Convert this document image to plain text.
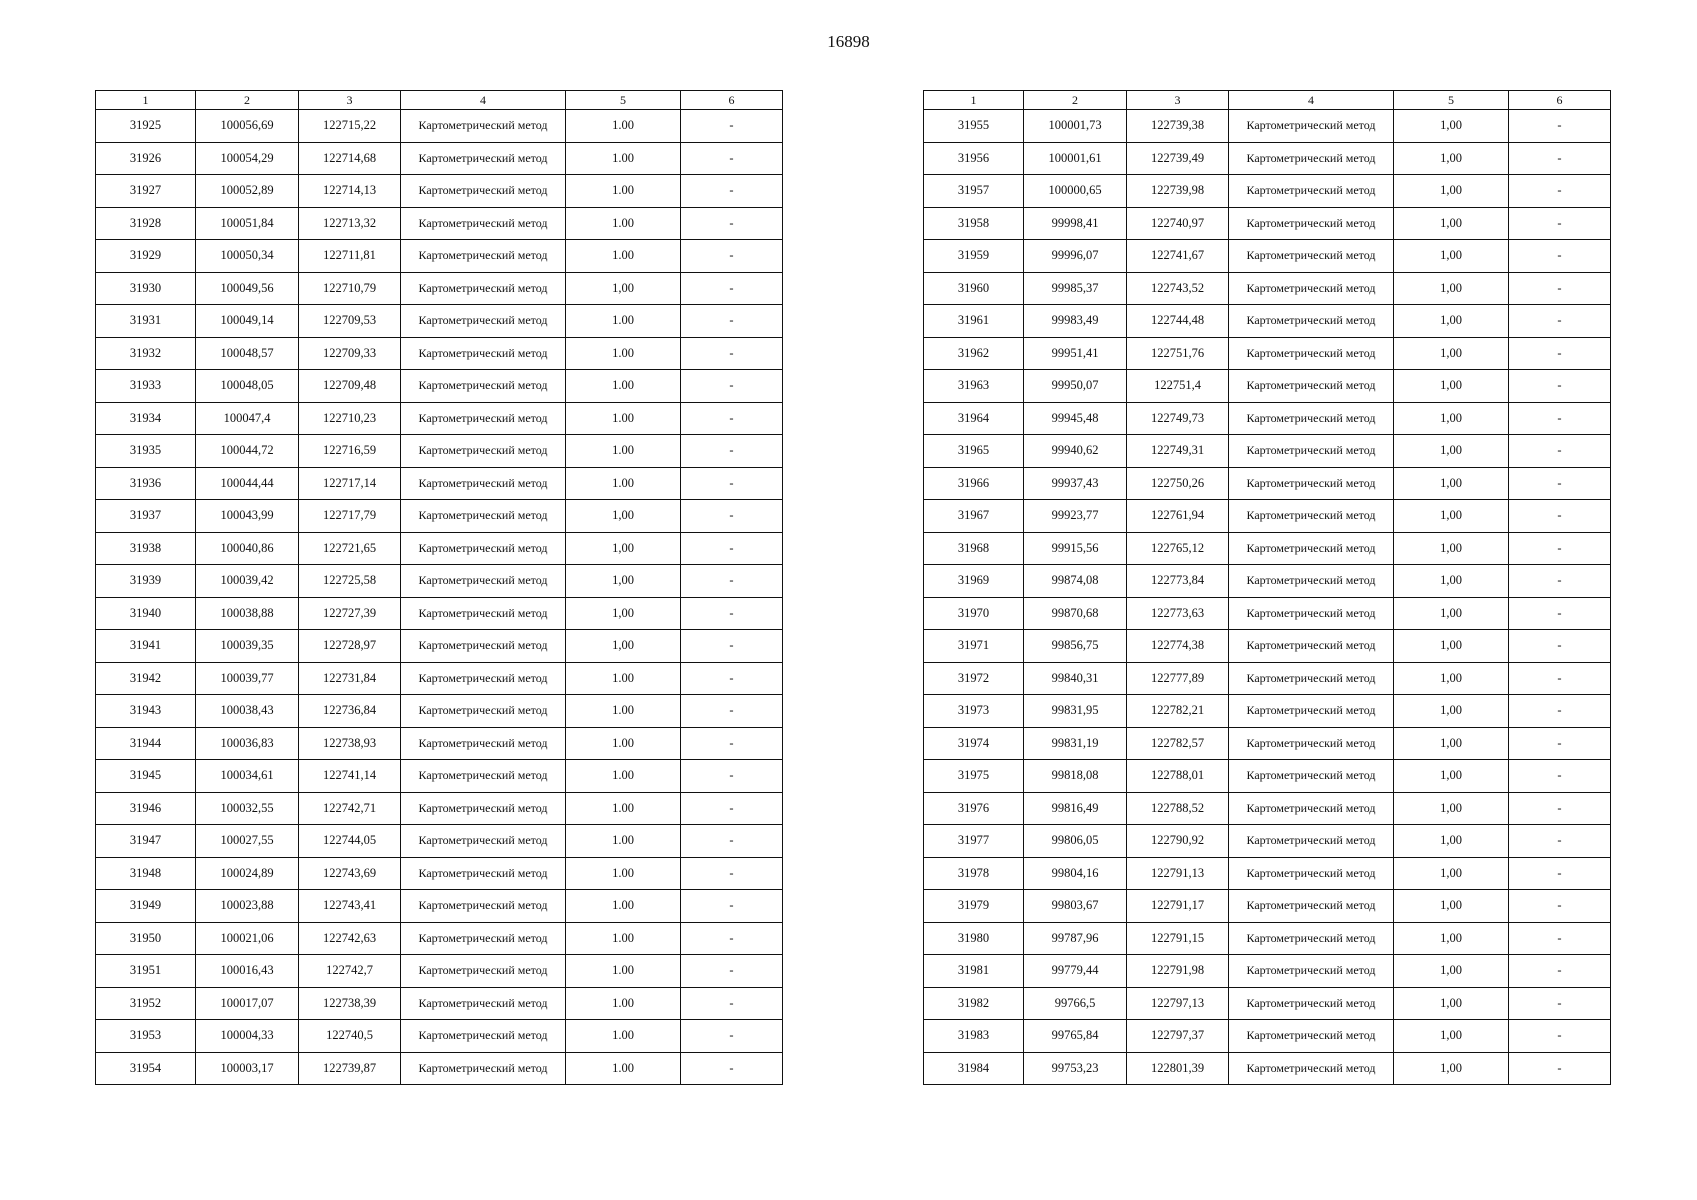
16898
1	2	3	4	5	6
31925	100056,69	122715,22	Картометрический метод	1.00	-
31926	100054,29	122714,68	Картометрический метод	1.00	-
31927	100052,89	122714,13	Картометрический метод	1.00	-
31928	100051,84	122713,32	Картометрический метод	1.00	-
31929	100050,34	122711,81	Картометрический метод	1.00	-
31930	100049,56	122710,79	Картометрический метод	1,00	-
31931	100049,14	122709,53	Картометрический метод	1.00	-
31932	100048,57	122709,33	Картометрический метод	1.00	-
31933	100048,05	122709,48	Картометрический метод	1.00	-
31934	100047,4	122710,23	Картометрический метод	1.00	-
31935	100044,72	122716,59	Картометрический метод	1.00	-
31936	100044,44	122717,14	Картометрический метод	1.00	-
31937	100043,99	122717,79	Картометрический метод	1,00	-
31938	100040,86	122721,65	Картометрический метод	1,00	-
31939	100039,42	122725,58	Картометрический метод	1,00	-
31940	100038,88	122727,39	Картометрический метод	1,00	-
31941	100039,35	122728,97	Картометрический метод	1,00	-
31942	100039,77	122731,84	Картометрический метод	1.00	-
31943	100038,43	122736,84	Картометрический метод	1.00	-
31944	100036,83	122738,93	Картометрический метод	1.00	-
31945	100034,61	122741,14	Картометрический метод	1.00	-
31946	100032,55	122742,71	Картометрический метод	1.00	-
31947	100027,55	122744,05	Картометрический метод	1.00	-
31948	100024,89	122743,69	Картометрический метод	1.00	-
31949	100023,88	122743,41	Картометрический метод	1.00	-
31950	100021,06	122742,63	Картометрический метод	1.00	-
31951	100016,43	122742,7	Картометрический метод	1.00	-
31952	100017,07	122738,39	Картометрический метод	1.00	-
31953	100004,33	122740,5	Картометрический метод	1.00	-
31954	100003,17	122739,87	Картометрический метод	1.00	-
1	2	3	4	5	6
31955	100001,73	122739,38	Картометрический метод	1,00	-
31956	100001,61	122739,49	Картометрический метод	1,00	-
31957	100000,65	122739,98	Картометрический метод	1,00	-
31958	99998,41	122740,97	Картометрический метод	1,00	-
31959	99996,07	122741,67	Картометрический метод	1,00	-
31960	99985,37	122743,52	Картометрический метод	1,00	-
31961	99983,49	122744,48	Картометрический метод	1,00	-
31962	99951,41	122751,76	Картометрический метод	1,00	-
31963	99950,07	122751,4	Картометрический метод	1,00	-
31964	99945,48	122749,73	Картометрический метод	1,00	-
31965	99940,62	122749,31	Картометрический метод	1,00	-
31966	99937,43	122750,26	Картометрический метод	1,00	-
31967	99923,77	122761,94	Картометрический метод	1,00	-
31968	99915,56	122765,12	Картометрический метод	1,00	-
31969	99874,08	122773,84	Картометрический метод	1,00	-
31970	99870,68	122773,63	Картометрический метод	1,00	-
31971	99856,75	122774,38	Картометрический метод	1,00	-
31972	99840,31	122777,89	Картометрический метод	1,00	-
31973	99831,95	122782,21	Картометрический метод	1,00	-
31974	99831,19	122782,57	Картометрический метод	1,00	-
31975	99818,08	122788,01	Картометрический метод	1,00	-
31976	99816,49	122788,52	Картометрический метод	1,00	-
31977	99806,05	122790,92	Картометрический метод	1,00	-
31978	99804,16	122791,13	Картометрический метод	1,00	-
31979	99803,67	122791,17	Картометрический метод	1,00	-
31980	99787,96	122791,15	Картометрический метод	1,00	-
31981	99779,44	122791,98	Картометрический метод	1,00	-
31982	99766,5	122797,13	Картометрический метод	1,00	-
31983	99765,84	122797,37	Картометрический метод	1,00	-
31984	99753,23	122801,39	Картометрический метод	1,00	-
